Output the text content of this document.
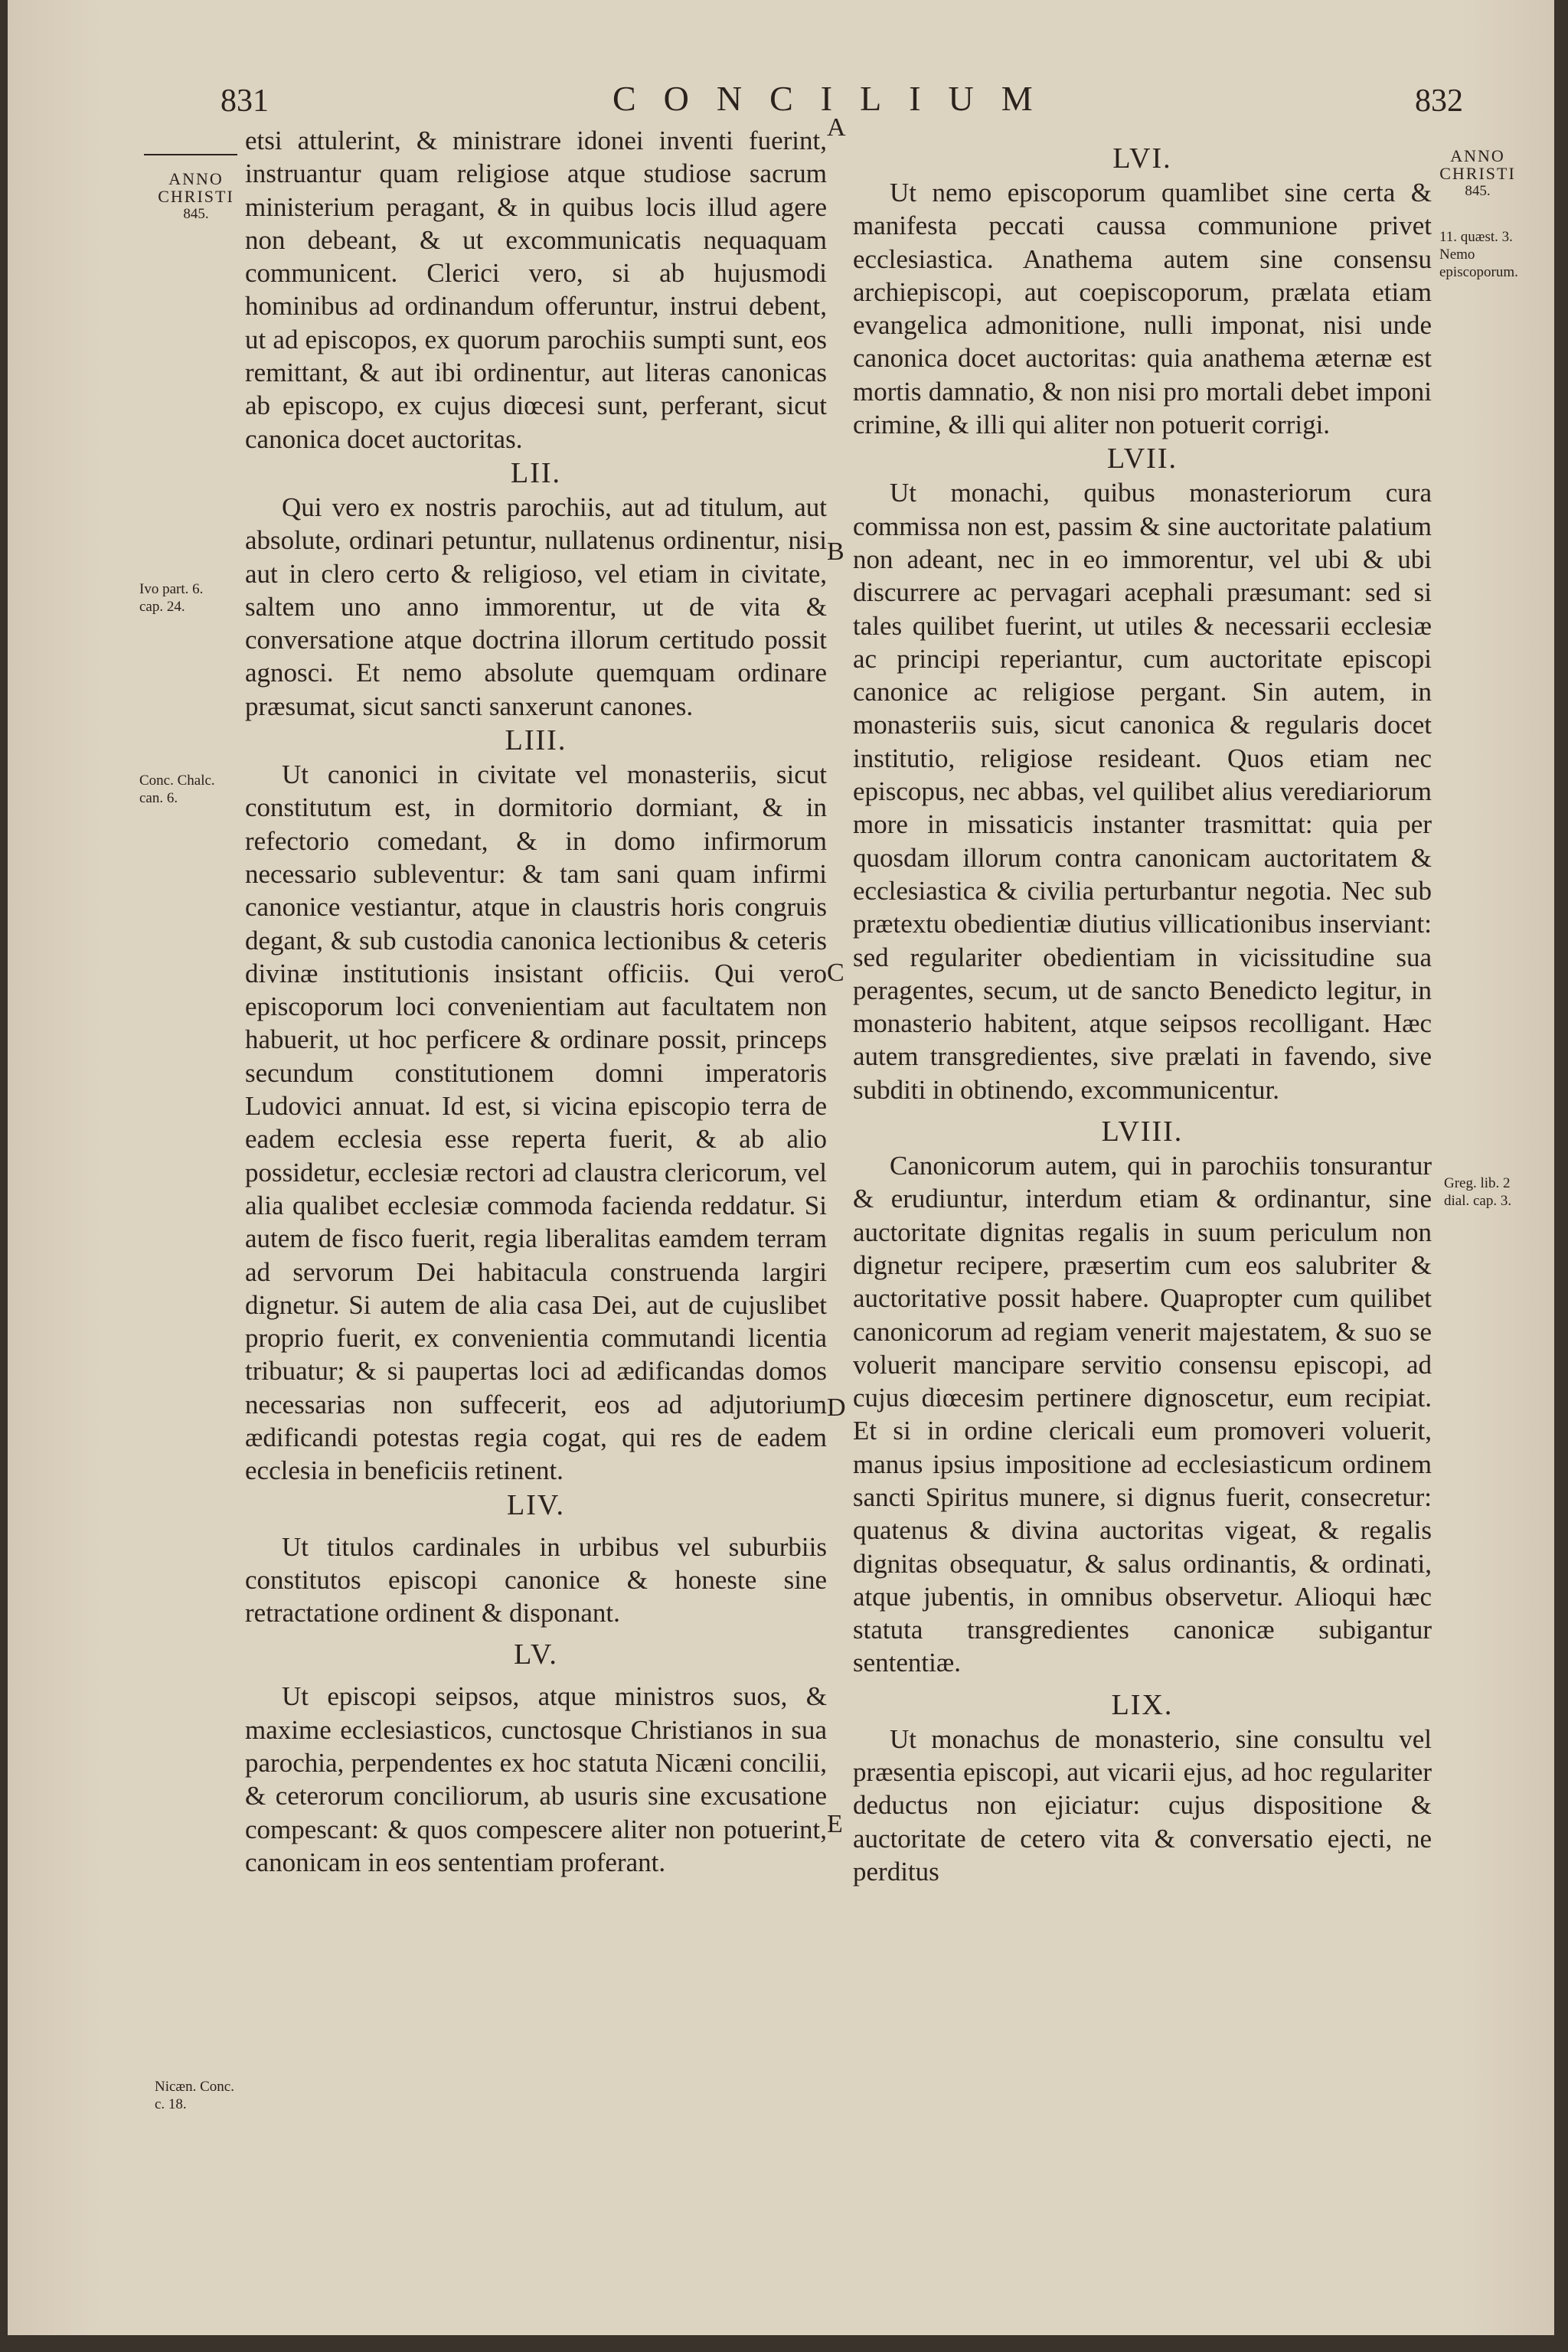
831	CONCILIUM	832
A
B
C
D
E
ANNO
CHRISTI
845.
Ivo part. 6. cap. 24.
Conc. Chalc. can. 6.
Nicæn. Conc. c. 18.
ANNO
CHRISTI
845.
11. quæst. 3. Nemo episcoporum.
Greg. lib. 2 dial. cap. 3.

etsi attulerint, & ministrare idonei inventi fuerint, instruantur quam religiose atque studiose sacrum ministerium peragant, & in quibus locis illud agere non debeant, & ut excommunicatis nequaquam communicent. Clerici vero, si ab hujusmodi hominibus ad ordinandum offeruntur, instrui debent, ut ad episcopos, ex quorum parochiis sumpti sunt, eos remittant, & aut ibi ordinentur, aut literas canonicas ab episcopo, ex cujus diœcesi sunt, perferant, sicut canonica docet auctoritas.

LII.

Qui vero ex nostris parochiis, aut ad titulum, aut absolute, ordinari petuntur, nullatenus ordinentur, nisi aut in clero certo & religioso, vel etiam in civitate, saltem uno anno immorentur, ut de vita & conversatione atque doctrina illorum certitudo possit agnosci. Et nemo absolute quemquam ordinare præsumat, sicut sancti sanxerunt canones.

LIII.

Ut canonici in civitate vel monasteriis, sicut constitutum est, in dormitorio dormiant, & in refectorio comedant, & in domo infirmorum necessario subleventur: & tam sani quam infirmi canonice vestiantur, atque in claustris horis congruis degant, & sub custodia canonica lectionibus & ceteris divinæ institutionis insistant officiis. Qui vero episcoporum loci convenientiam aut facultatem non habuerit, ut hoc perficere & ordinare possit, princeps secundum constitutionem domni imperatoris Ludovici annuat. Id est, si vicina episcopio terra de eadem ecclesia esse reperta fuerit, & ab alio possidetur, ecclesiæ rectori ad claustra clericorum, vel alia qualibet ecclesiæ commoda facienda reddatur. Si autem de fisco fuerit, regia liberalitas eamdem terram ad servorum Dei habitacula construenda largiri dignetur. Si autem de alia casa Dei, aut de cujuslibet proprio fuerit, ex convenientia commutandi licentia tribuatur; & si paupertas loci ad ædificandas domos necessarias non suffecerit, eos ad adjutorium ædificandi potestas regia cogat, qui res de eadem ecclesia in beneficiis retinent.

LIV.

Ut titulos cardinales in urbibus vel suburbiis constitutos episcopi canonice & honeste sine retractatione ordinent & disponant.

LV.

Ut episcopi seipsos, atque ministros suos, & maxime ecclesiasticos, cunctosque Christianos in sua parochia, perpendentes ex hoc statuta Nicæni concilii, & ceterorum conciliorum, ab usuris sine excusatione compescant: & quos compescere aliter non potuerint, canonicam in eos sententiam proferant.

LVI.

Ut nemo episcoporum quamlibet sine certa & manifesta peccati caussa communione privet ecclesiastica. Anathema autem sine consensu archiepiscopi, aut coepiscoporum, prælata etiam evangelica admonitione, nulli imponat, nisi unde canonica docet auctoritas: quia anathema æternæ est mortis damnatio, & non nisi pro mortali debet imponi crimine, & illi qui aliter non potuerit corrigi.

LVII.

Ut monachi, quibus monasteriorum cura commissa non est, passim & sine auctoritate palatium non adeant, nec in eo immorentur, vel ubi & ubi discurrere ac pervagari acephali præsumant: sed si tales quilibet fuerint, ut utiles & necessarii ecclesiæ ac principi reperiantur, cum auctoritate episcopi canonice ac religiose pergant. Sin autem, in monasteriis suis, sicut canonica & regularis docet institutio, religiose resideant. Quos etiam nec episcopus, nec abbas, vel quilibet alius verediariorum more in missaticis instanter trasmittat: quia per quosdam illorum contra canonicam auctoritatem & ecclesiastica & civilia perturbantur negotia. Nec sub prætextu obedientiæ diutius villicationibus inserviant: sed regulariter obedientiam in vicissitudine sua peragentes, secum, ut de sancto Benedicto legitur, in monasterio habitent, atque seipsos recolligant. Hæc autem transgredientes, sive prælati in favendo, sive subditi in obtinendo, excommunicentur.

LVIII.

Canonicorum autem, qui in parochiis tonsurantur & erudiuntur, interdum etiam & ordinantur, sine auctoritate dignitas regalis in suum periculum non dignetur recipere, præsertim cum eos salubriter & auctoritative possit habere. Quapropter cum quilibet canonicorum ad regiam venerit majestatem, & suo se voluerit mancipare servitio consensu episcopi, ad cujus diœcesim pertinere dignoscetur, eum recipiat. Et si in ordine clericali eum promoveri voluerit, manus ipsius impositione ad ecclesiasticum ordinem sancti Spiritus munere, si dignus fuerit, consecretur: quatenus & divina auctoritas vigeat, & regalis dignitas obsequatur, & salus ordinantis, & ordinati, atque jubentis, in omnibus observetur. Alioqui hæc statuta transgredientes canonicæ subigantur sententiæ.

LIX.

Ut monachus de monasterio, sine consultu vel præsentia episcopi, aut vicarii ejus, ad hoc regulariter deductus non ejiciatur: cujus dispositione & auctoritate de cetero vita & conversatio ejecti, ne perditus
